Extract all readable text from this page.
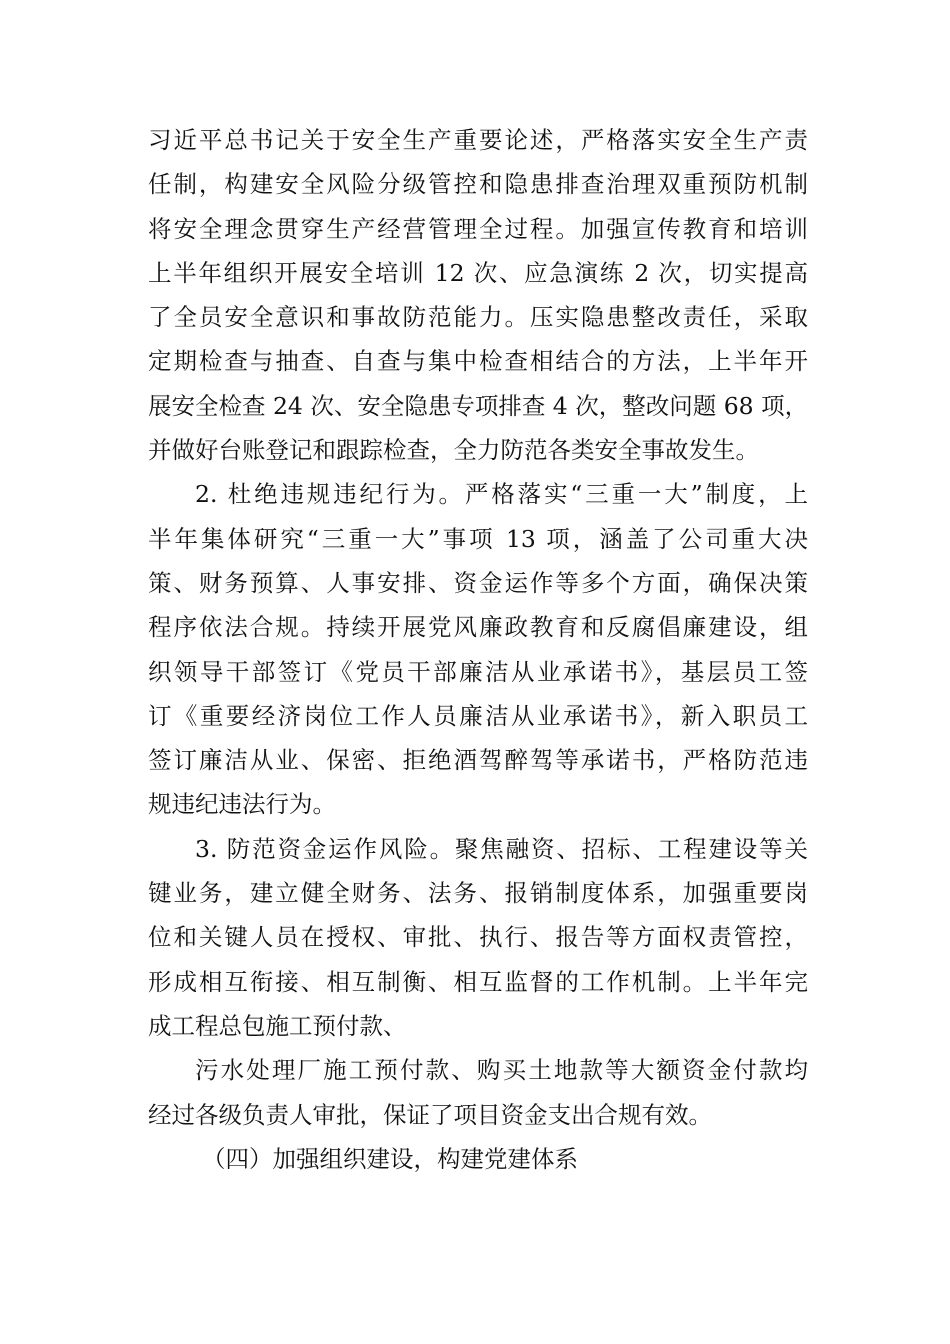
习近平总书记关于安全生产重要论述，严格落实安全生产责
任制，构建安全风险分级管控和隐患排查治理双重预防机制
将安全理念贯穿生产经营管理全过程。加强宣传教育和培训
上半年组织开展安全培训 12 次、应急演练 2 次，切实提高
了全员安全意识和事故防范能力。压实隐患整改责任，采取
定期检查与抽查、自查与集中检查相结合的方法，上半年开
展安全检查 24 次、安全隐患专项排查 4 次，整改问题 68 项，
并做好台账登记和跟踪检查，全力防范各类安全事故发生。
2. 杜绝违规违纪行为。严格落实“三重一大”制度，上
半年集体研究“三重一大”事项 13 项，涵盖了公司重大决
策、财务预算、人事安排、资金运作等多个方面，确保决策
程序依法合规。持续开展党风廉政教育和反腐倡廉建设，组
织领导干部签订《党员干部廉洁从业承诺书》，基层员工签
订《重要经济岗位工作人员廉洁从业承诺书》，新入职员工
签订廉洁从业、保密、拒绝酒驾醉驾等承诺书，严格防范违
规违纪违法行为。
3. 防范资金运作风险。聚焦融资、招标、工程建设等关
键业务，建立健全财务、法务、报销制度体系，加强重要岗
位和关键人员在授权、审批、执行、报告等方面权责管控，
形成相互衔接、相互制衡、相互监督的工作机制。上半年完
成工程总包施工预付款、
污水处理厂施工预付款、购买土地款等大额资金付款均
经过各级负责人审批，保证了项目资金支出合规有效。
（四）加强组织建设，构建党建体系
